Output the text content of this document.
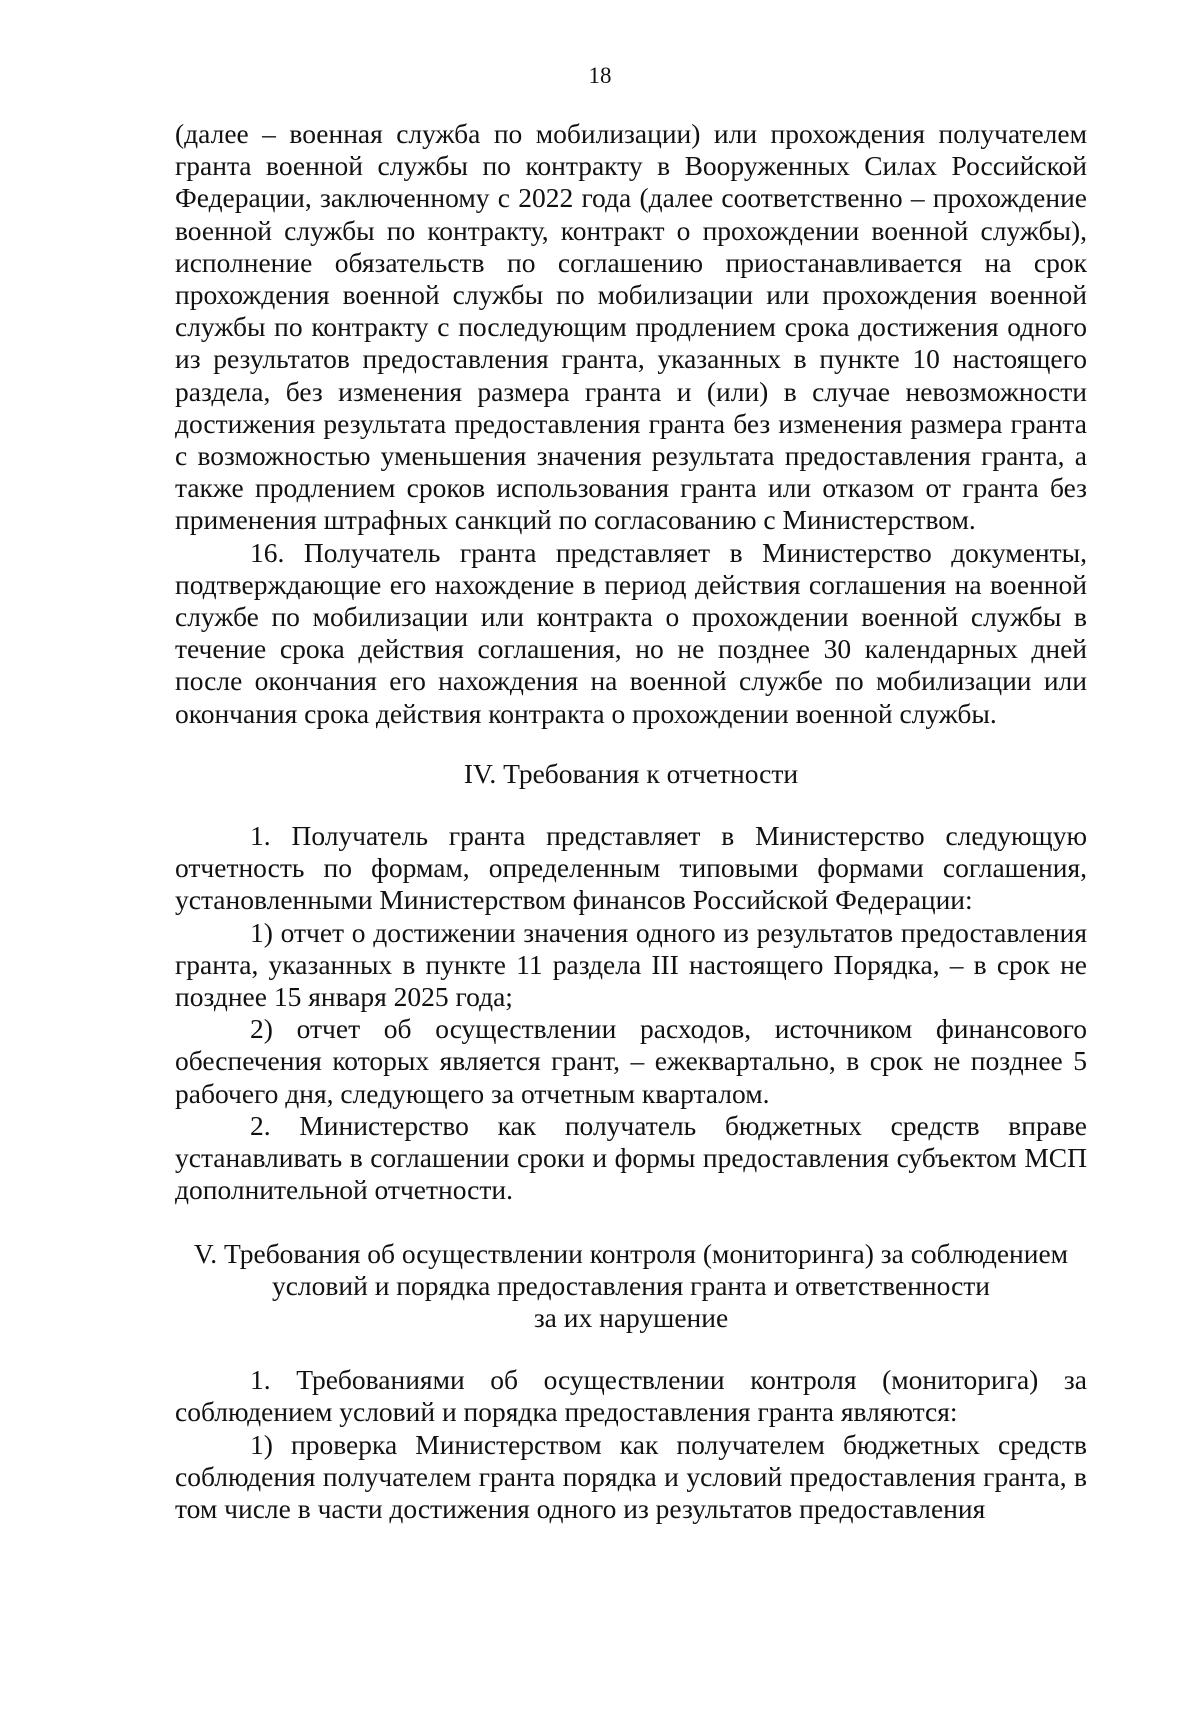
18

(далее – военная служба по мобилизации) или прохождения получателем гранта военной службы по контракту в Вооруженных Силах Российской Федерации, заключенному с 2022 года (далее соответственно – прохождение военной службы по контракту, контракт о прохождении военной службы), исполнение обязательств по соглашению приостанавливается на срок прохождения военной службы по мобилизации или прохождения военной службы по контракту с последующим продлением срока достижения одного из результатов предоставления гранта, указанных в пункте 10 настоящего раздела, без изменения размера гранта и (или) в случае невозможности достижения результата предоставления гранта без изменения размера гранта с возможностью уменьшения значения результата предоставления гранта, а также продлением сроков использования гранта или отказом от гранта без применения штрафных санкций по согласованию с Министерством.

16. Получатель гранта представляет в Министерство документы, подтверждающие его нахождение в период действия соглашения на военной службе по мобилизации или контракта о прохождении военной службы в течение срока действия соглашения, но не позднее 30 календарных дней после окончания его нахождения на военной службе по мобилизации или окончания срока действия контракта о прохождении военной службы.

IV. Требования к отчетности

1. Получатель гранта представляет в Министерство следующую отчетность по формам, определенным типовыми формами соглашения, установленными Министерством финансов Российской Федерации:

1) отчет о достижении значения одного из результатов предоставления гранта, указанных в пункте 11 раздела III настоящего Порядка, – в срок не позднее 15 января 2025 года;

2) отчет об осуществлении расходов, источником финансового обеспечения которых является грант, – ежеквартально, в срок не позднее 5 рабочего дня, следующего за отчетным кварталом.

2. Министерство как получатель бюджетных средств вправе устанавливать в соглашении сроки и формы предоставления субъектом МСП дополнительной отчетности.

V. Требования об осуществлении контроля (мониторинга) за соблюдением
условий и порядка предоставления гранта и ответственности
за их нарушение

1. Требованиями об осуществлении контроля (мониторига) за соблюдением условий и порядка предоставления гранта являются:

1) проверка Министерством как получателем бюджетных средств соблюдения получателем гранта порядка и условий предоставления гранта, в том числе в части достижения одного из результатов предоставления
